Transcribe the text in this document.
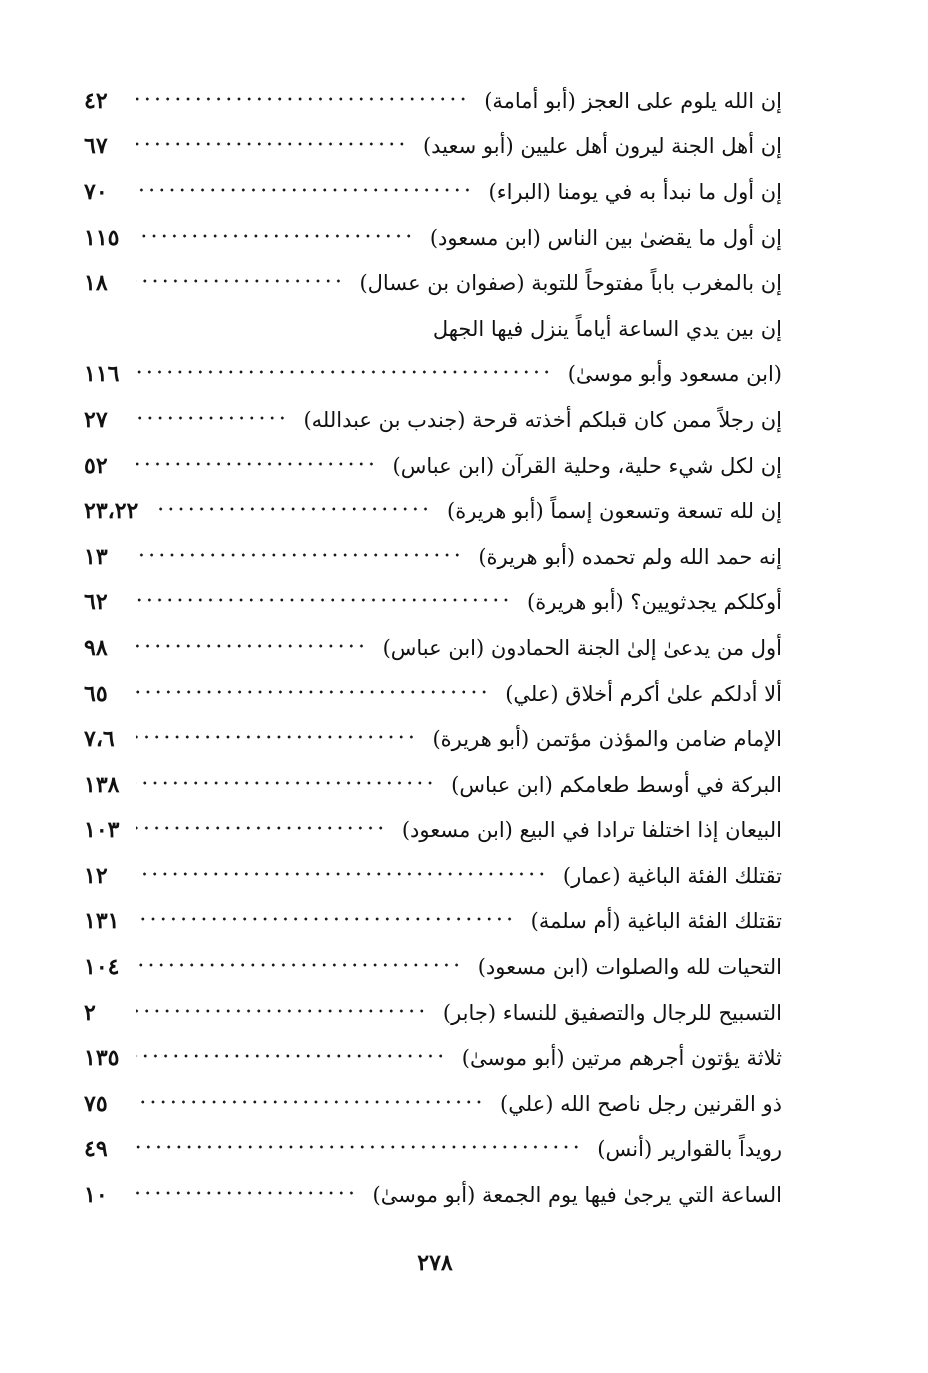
٤٢	إن الله يلوم على العجز (أبو أمامة)
٦٧	إن أهل الجنة ليرون أهل عليين (أبو سعيد)
٧٠	إن أول ما نبدأ به في يومنا (البراء)
١١٥	إن أول ما يقضىٰ بين الناس (ابن مسعود)
١٨	إن بالمغرب باباً مفتوحاً للتوبة (صفوان بن عسال)
إن بين يدي الساعة أياماً ينزل فيها الجهل
١١٦	(ابن مسعود وأبو موسىٰ)
٢٧	إن رجلاً ممن كان قبلكم أخذته قرحة (جندب بن عبدالله)
٥٢	إن لكل شيء حلية، وحلية القرآن (ابن عباس)
٢٣،٢٢	إن لله تسعة وتسعون إسماً (أبو هريرة)
١٣	إنه حمد الله ولم تحمده (أبو هريرة)
٦٢	أوكلكم يجدثويين؟ (أبو هريرة)
٩٨	أول من يدعىٰ إلىٰ الجنة الحمادون (ابن عباس)
٦٥	ألا أدلكم علىٰ أكرم أخلاق (علي)
٧،٦	الإمام ضامن والمؤذن مؤتمن (أبو هريرة)
١٣٨	البركة في أوسط طعامكم (ابن عباس)
١٠٣	البيعان إذا اختلفا ترادا في البيع (ابن مسعود)
١٢	تقتلك الفئة الباغية (عمار)
١٣١	تقتلك الفئة الباغية (أم سلمة)
١٠٤	التحيات لله والصلوات (ابن مسعود)
٢	التسبيح للرجال والتصفيق للنساء (جابر)
١٣٥	ثلاثة يؤتون أجرهم مرتين (أبو موسىٰ)
٧٥	ذو القرنين رجل ناصح الله (علي)
٤٩	رويداً بالقوارير (أنس)
١٠	الساعة التي يرجىٰ فيها يوم الجمعة (أبو موسىٰ)
٢٧٨
